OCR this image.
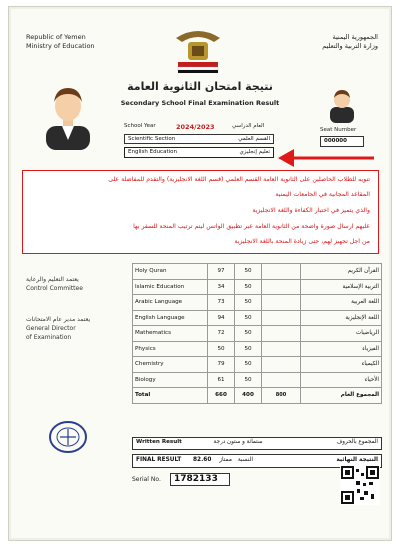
Republic of Yemen
Ministry of Education
الجمهورية اليمنية
وزارة التربية والتعليم
نتيجة امتحان الثانوية العامة
Secondary School Final Examination Result
Seat Number
000000
School Year	2024/2023	العام الدراسي
Scientific Section	القسم العلمي
English Education	تعليم إنجليزي
تنويه للطلاب الحاصلين على الثانوية العامة القسم العلمي (قسم اللغة الانجليزية) والتقدم للمفاضلة على
المقاعد المجانية في الجامعات اليمنية
والذي يتميز في اختبار الكفاءة واللغة الانجليزية
عليهم ارسال صورة واضحة من الثانوية العامة عبر تطبيق الواتس ليتم ترتيب المنحة للسفر بها
من أجل تجهيز لهم، حتى زيادة المنحة باللغة الانجليزية
يعتمد التعليم والرعاية
Control Committee
يعتمد مدير عام الامتحانات
General Director
of Examination
Holy Quran	97	50		القرآن الكريم
Islamic Education	34	50		التربية الإسلامية
Arabic Language	73	50		اللغة العربية
English Language	94	50		اللغة الإنجليزية
Mathematics	72	50		الرياضيات
Physics	50	50		الفيزياء
Chemistry	79	50		الكيمياء
Biology	61	50		الأحياء
Total	660	400	800	المجموع العام
Written Result	ستمائة و ستون درجة	المجموع بالحروف
FINAL RESULT 82.60	النسبة ممتاز	النتيجة النهائية
Serial No.	1782133
